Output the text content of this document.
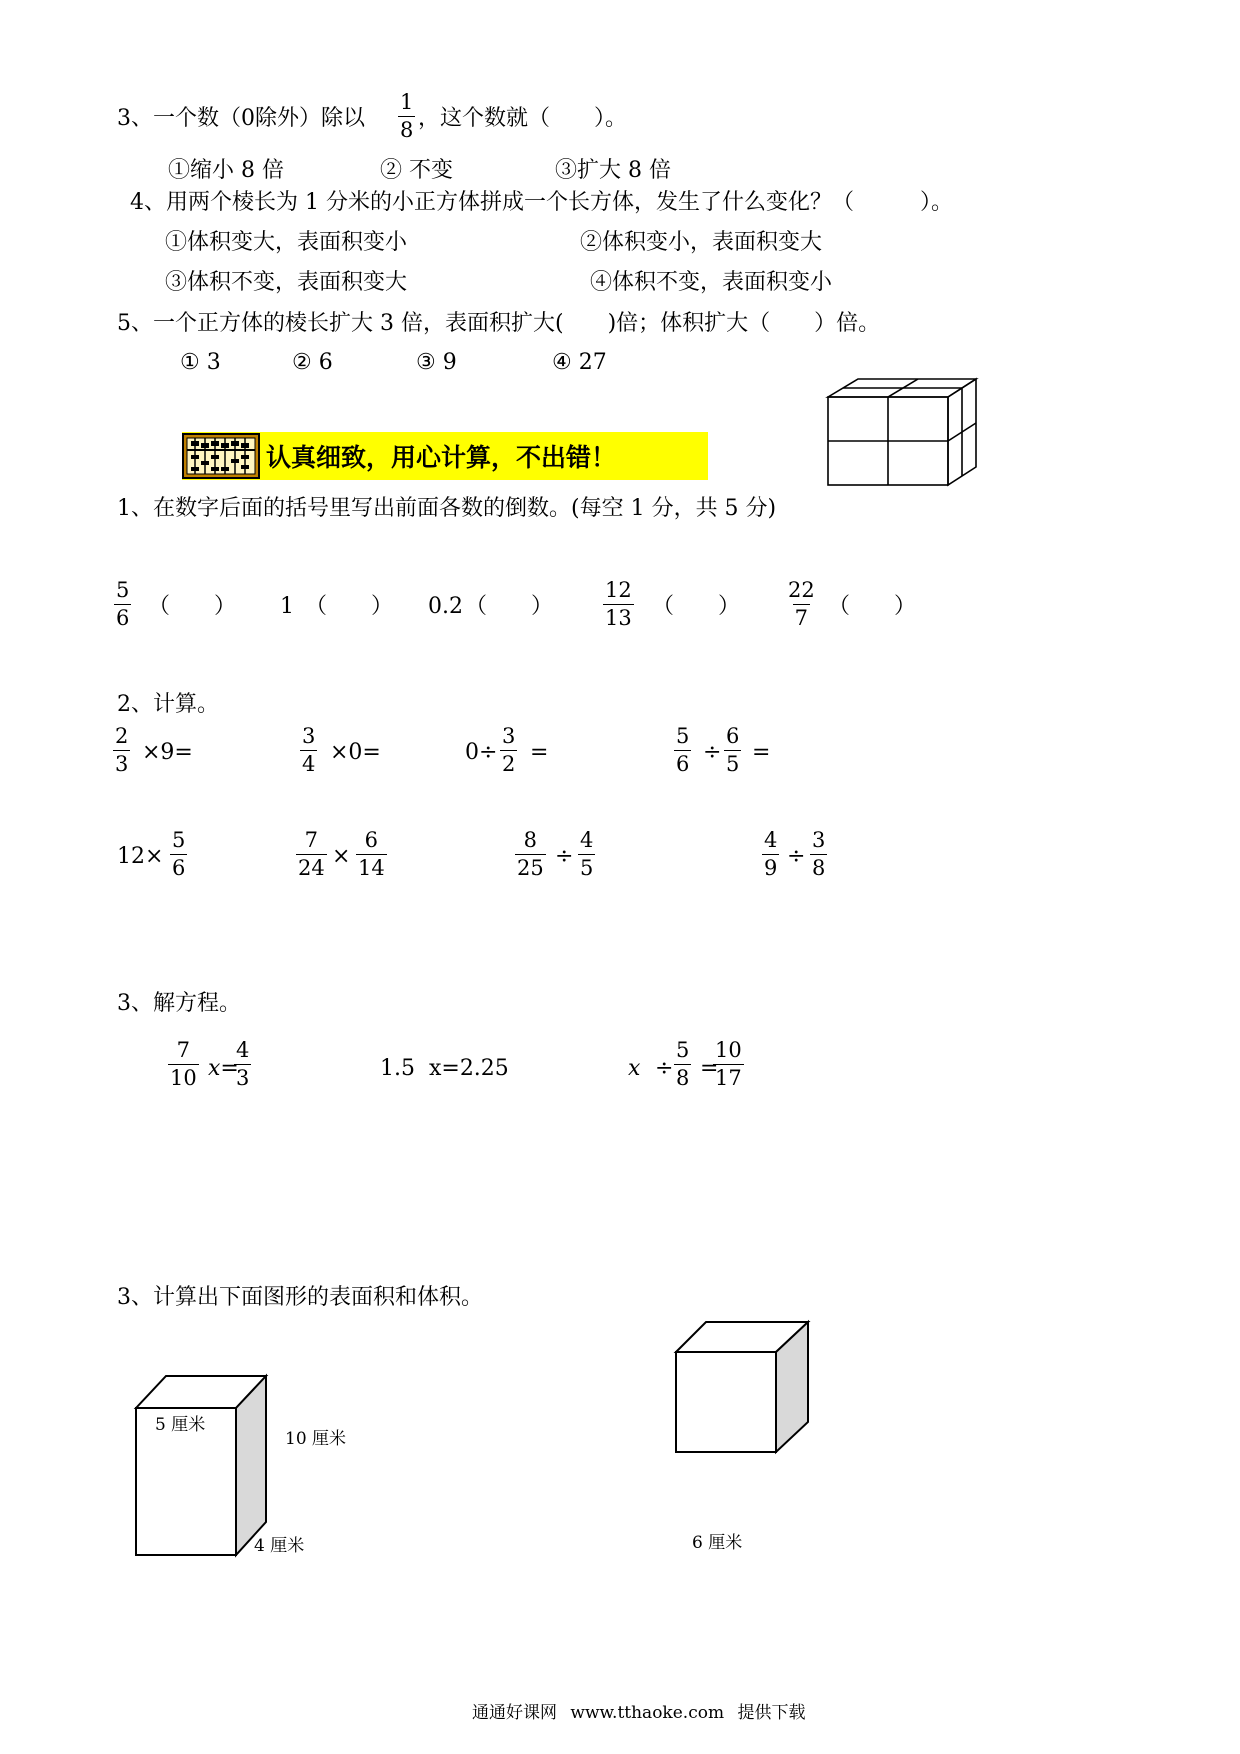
3、一个数（0除外）除以 $\frac{1}{8}$ ，这个数就（　　）。
①缩小 8 倍	② 不变	③扩大 8 倍
4、用两个棱长为 1 分米的小正方体拼成一个长方体，发生了什么变化？（　　　）。
①体积变大，表面积变小	②体积变小，表面积变大
③体积不变，表面积变大	④体积不变，表面积变小
5、一个正方体的棱长扩大 3 倍，表面积扩大(　　)倍；体积扩大（　　）倍。
① 3	② 6	③ 9	④ 27
认真细致，用心计算，不出错！
1、在数字后面的括号里写出前面各数的倒数。(每空 1 分，共 5 分)
$\frac{5}{6}$ （　　） 1 （　　） 0.2 （　　） $\frac{12}{13}$ （　　） $\frac{22}{7}$ （　　）
2、计算。
$\frac{2}{3} \times 9=$	$\frac{3}{4} \times 0=$	$0\div \frac{3}{2}$ =	$\frac{5}{6} \div \frac{6}{5}$ =
$12\times \frac{5}{6}$	$\frac{7}{24} \times \frac{6}{14}$	$\frac{8}{25} \div \frac{4}{5}$	$\frac{4}{9} \div \frac{3}{8}$
3、解方程。
$\frac{7}{10} x=$
$\frac{4}{3}$	1.5  x=2.25	$x \div \frac{5}{8}$ =
$\frac{10}{17}$
3、计算出下面图形的表面积和体积。
5 厘米
10 厘米
4 厘米	6 厘米
通通好课网 www.tthaoke.com 提供下载
